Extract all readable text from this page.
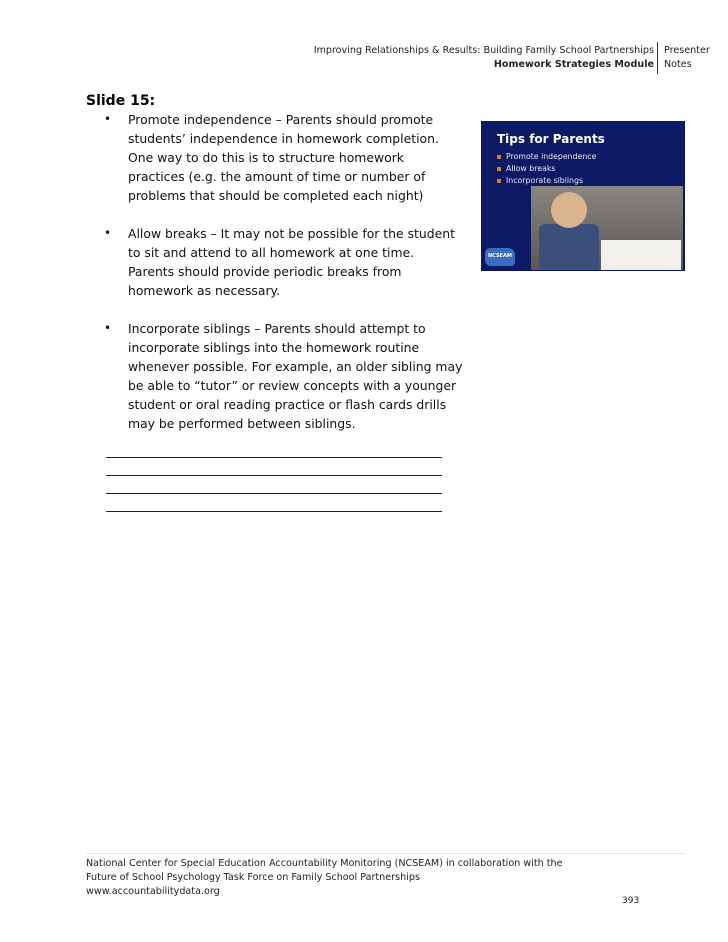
Improving Relationships & Results: Building Family School Partnerships
Homework Strategies Module
Presenter
Notes
Slide 15:
• Promote independence – Parents should promote students’ independence in homework completion. One way to do this is to structure homework practices (e.g. the amount of time or number of problems that should be completed each night)
• Allow breaks – It may not be possible for the student to sit and attend to all homework at one time. Parents should provide periodic breaks from homework as necessary.
• Incorporate siblings – Parents should attempt to incorporate siblings into the homework routine whenever possible. For example, an older sibling may be able to “tutor” or review concepts with a younger student or oral reading practice or flash cards drills may be performed between siblings.
Tips for Parents
Promote independence
Allow breaks
Incorporate siblings
NCSEAM
National Center for Special Education Accountability Monitoring (NCSEAM) in collaboration with the
Future of School Psychology Task Force on Family School Partnerships
www.accountabilitydata.org
393
